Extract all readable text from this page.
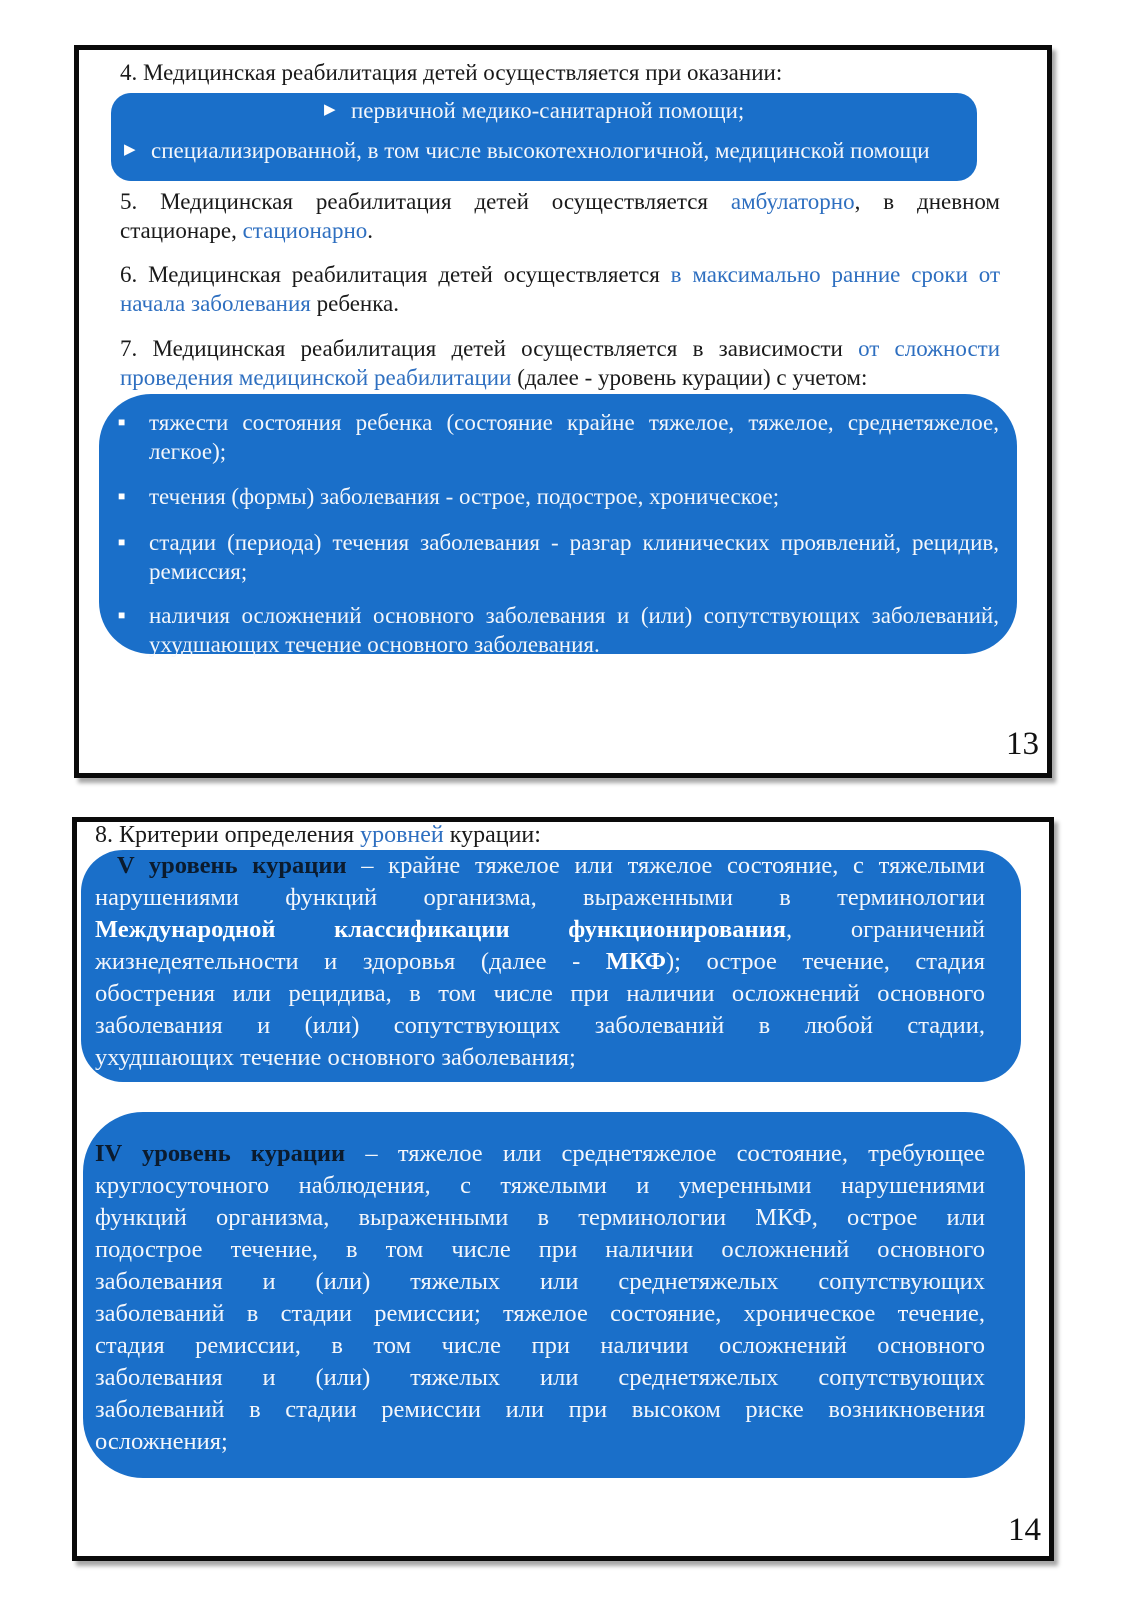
4. Медицинская реабилитация детей осуществляется при оказании:
▶ первичной медико-санитарной помощи;
▶ специализированной, в том числе высокотехнологичной, медицинской помощи
5. Медицинская реабилитация детей осуществляется амбулаторно, в дневном
стационаре, стационарно.
6. Медицинская реабилитация детей осуществляется в максимально ранние сроки от
начала заболевания ребенка.
7. Медицинская реабилитация детей осуществляется в зависимости от сложности
проведения медицинской реабилитации (далее - уровень курации) с учетом:
■ тяжести состояния ребенка (состояние крайне тяжелое, тяжелое, среднетяжелое,
легкое);
■ течения (формы) заболевания - острое, подострое, хроническое;
■ стадии (периода) течения заболевания - разгар клинических проявлений, рецидив,
ремиссия;
■ наличия осложнений основного заболевания и (или) сопутствующих заболеваний,
ухудшающих течение основного заболевания.
13
8. Критерии определения уровней курации:
V уровень курации – крайне тяжелое или тяжелое состояние, с тяжелыми
нарушениями функций организма, выраженными в терминологии
Международной классификации функционирования, ограничений
жизнедеятельности и здоровья (далее - МКФ); острое течение, стадия
обострения или рецидива, в том числе при наличии осложнений основного
заболевания и (или) сопутствующих заболеваний в любой стадии,
ухудшающих течение основного заболевания;
IV уровень курации – тяжелое или среднетяжелое состояние, требующее
круглосуточного наблюдения, с тяжелыми и умеренными нарушениями
функций организма, выраженными в терминологии МКФ, острое или
подострое течение, в том числе при наличии осложнений основного
заболевания и (или) тяжелых или среднетяжелых сопутствующих
заболеваний в стадии ремиссии; тяжелое состояние, хроническое течение,
стадия ремиссии, в том числе при наличии осложнений основного
заболевания и (или) тяжелых или среднетяжелых сопутствующих
заболеваний в стадии ремиссии или при высоком риске возникновения
осложнения;
14
